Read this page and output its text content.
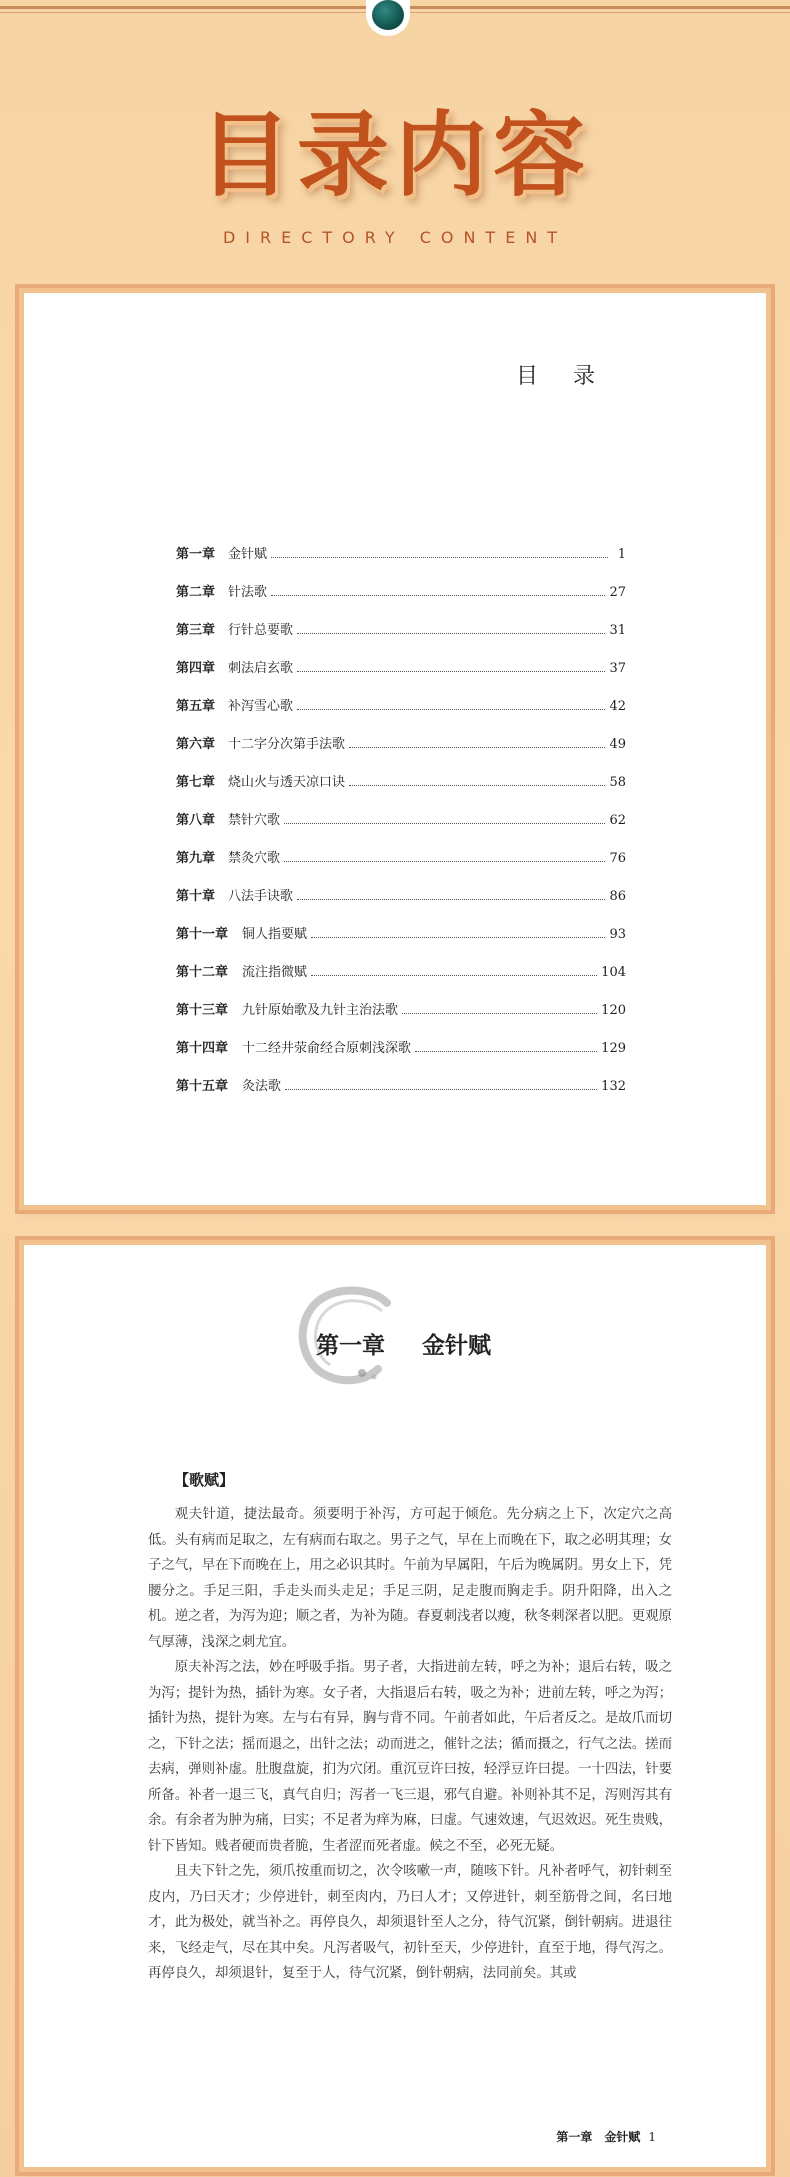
目录内容
DIRECTORY CONTENT
目 录
第一章 金针赋	1
第二章 针法歌	27
第三章 行针总要歌	31
第四章 刺法启玄歌	37
第五章 补泻雪心歌	42
第六章 十二字分次第手法歌	49
第七章 烧山火与透天凉口诀	58
第八章 禁针穴歌	62
第九章 禁灸穴歌	76
第十章 八法手诀歌	86
第十一章	铜人指要赋	93
第十二章	流注指微赋	104
第十三章	九针原始歌及九针主治法歌	120
第十四章	十二经井荥俞经合原刺浅深歌	129
第十五章	灸法歌	132
第一章 金针赋
【歌赋】

观夫针道，捷法最奇。须要明于补泻，方可起于倾危。先分病之上下，次定穴之高低。头有病而足取之，左有病而右取之。男子之气，早在上而晚在下，取之必明其理；女子之气，早在下而晚在上，用之必识其时。午前为早属阳，午后为晚属阴。男女上下，凭腰分之。手足三阳，手走头而头走足；手足三阴，足走腹而胸走手。阴升阳降，出入之机。逆之者，为泻为迎；顺之者，为补为随。春夏刺浅者以瘦，秋冬刺深者以肥。更观原气厚薄，浅深之刺尤宜。

原夫补泻之法，妙在呼吸手指。男子者，大指进前左转，呼之为补；退后右转，吸之为泻；提针为热，插针为寒。女子者，大指退后右转，吸之为补；进前左转，呼之为泻；插针为热，提针为寒。左与右有异，胸与背不同。午前者如此，午后者反之。是故爪而切之，下针之法；摇而退之，出针之法；动而进之，催针之法；循而摄之，行气之法。搓而去病，弹则补虚。肚腹盘旋，扪为穴闭。重沉豆许曰按，轻浮豆许曰提。一十四法，针要所备。补者一退三飞，真气自归；泻者一飞三退，邪气自避。补则补其不足，泻则泻其有余。有余者为肿为痛，曰实；不足者为痒为麻，曰虚。气速效速，气迟效迟。死生贵贱，针下皆知。贱者硬而贵者脆，生者涩而死者虚。候之不至，必死无疑。

且夫下针之先，须爪按重而切之，次令咳嗽一声，随咳下针。凡补者呼气，初针刺至皮内，乃曰天才；少停进针，刺至肉内，乃曰人才；又停进针，刺至筋骨之间，名曰地才，此为极处，就当补之。再停良久，却须退针至人之分，待气沉紧，倒针朝病。进退往来，飞经走气，尽在其中矣。凡泻者吸气，初针至天，少停进针，直至于地，得气泻之。再停良久，却须退针，复至于人，待气沉紧，倒针朝病，法同前矣。其或

第一章　金针赋 1
